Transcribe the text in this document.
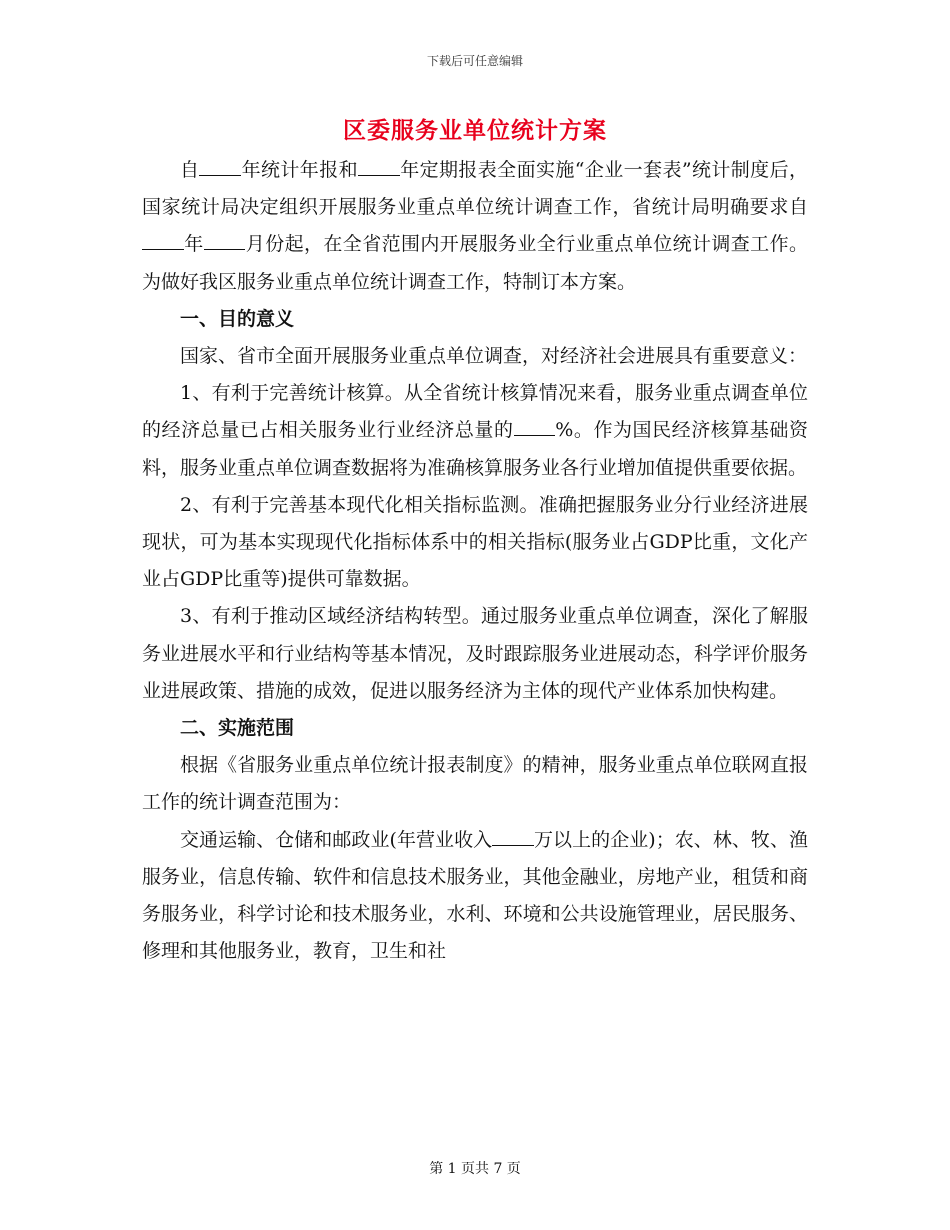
下载后可任意编辑
区委服务业单位统计方案

自 年统计年报和 年定期报表全面实施“企业一套表”统计制度后，国家统计局决定组织开展服务业重点单位统计调查工作，省统计局明确要求自年 月份起，在全省范围内开展服务业全行业重点单位统计调查工作。为做好我区服务业重点单位统计调查工作，特制订本方案。

一、目的意义

国家、省市全面开展服务业重点单位调查，对经济社会进展具有重要意义：

1、有利于完善统计核算。从全省统计核算情况来看，服务业重点调查单位的经济总量已占相关服务业行业经济总量的 %。作为国民经济核算基础资料，服务业重点单位调查数据将为准确核算服务业各行业增加值提供重要依据。

2、有利于完善基本现代化相关指标监测。准确把握服务业分行业经济进展现状，可为基本实现现代化指标体系中的相关指标(服务业占GDP比重，文化产业占GDP比重等)提供可靠数据。

3、有利于推动区域经济结构转型。通过服务业重点单位调查，深化了解服务业进展水平和行业结构等基本情况，及时跟踪服务业进展动态，科学评价服务业进展政策、措施的成效，促进以服务经济为主体的现代产业体系加快构建。

二、实施范围

根据《省服务业重点单位统计报表制度》的精神，服务业重点单位联网直报工作的统计调查范围为：

交通运输、仓储和邮政业(年营业收入 万以上的企业)；农、林、牧、渔服务业，信息传输、软件和信息技术服务业，其他金融业，房地产业，租赁和商务服务业，科学讨论和技术服务业，水利、环境和公共设施管理业，居民服务、修理和其他服务业，教育，卫生和社

第 1 页共 7 页
